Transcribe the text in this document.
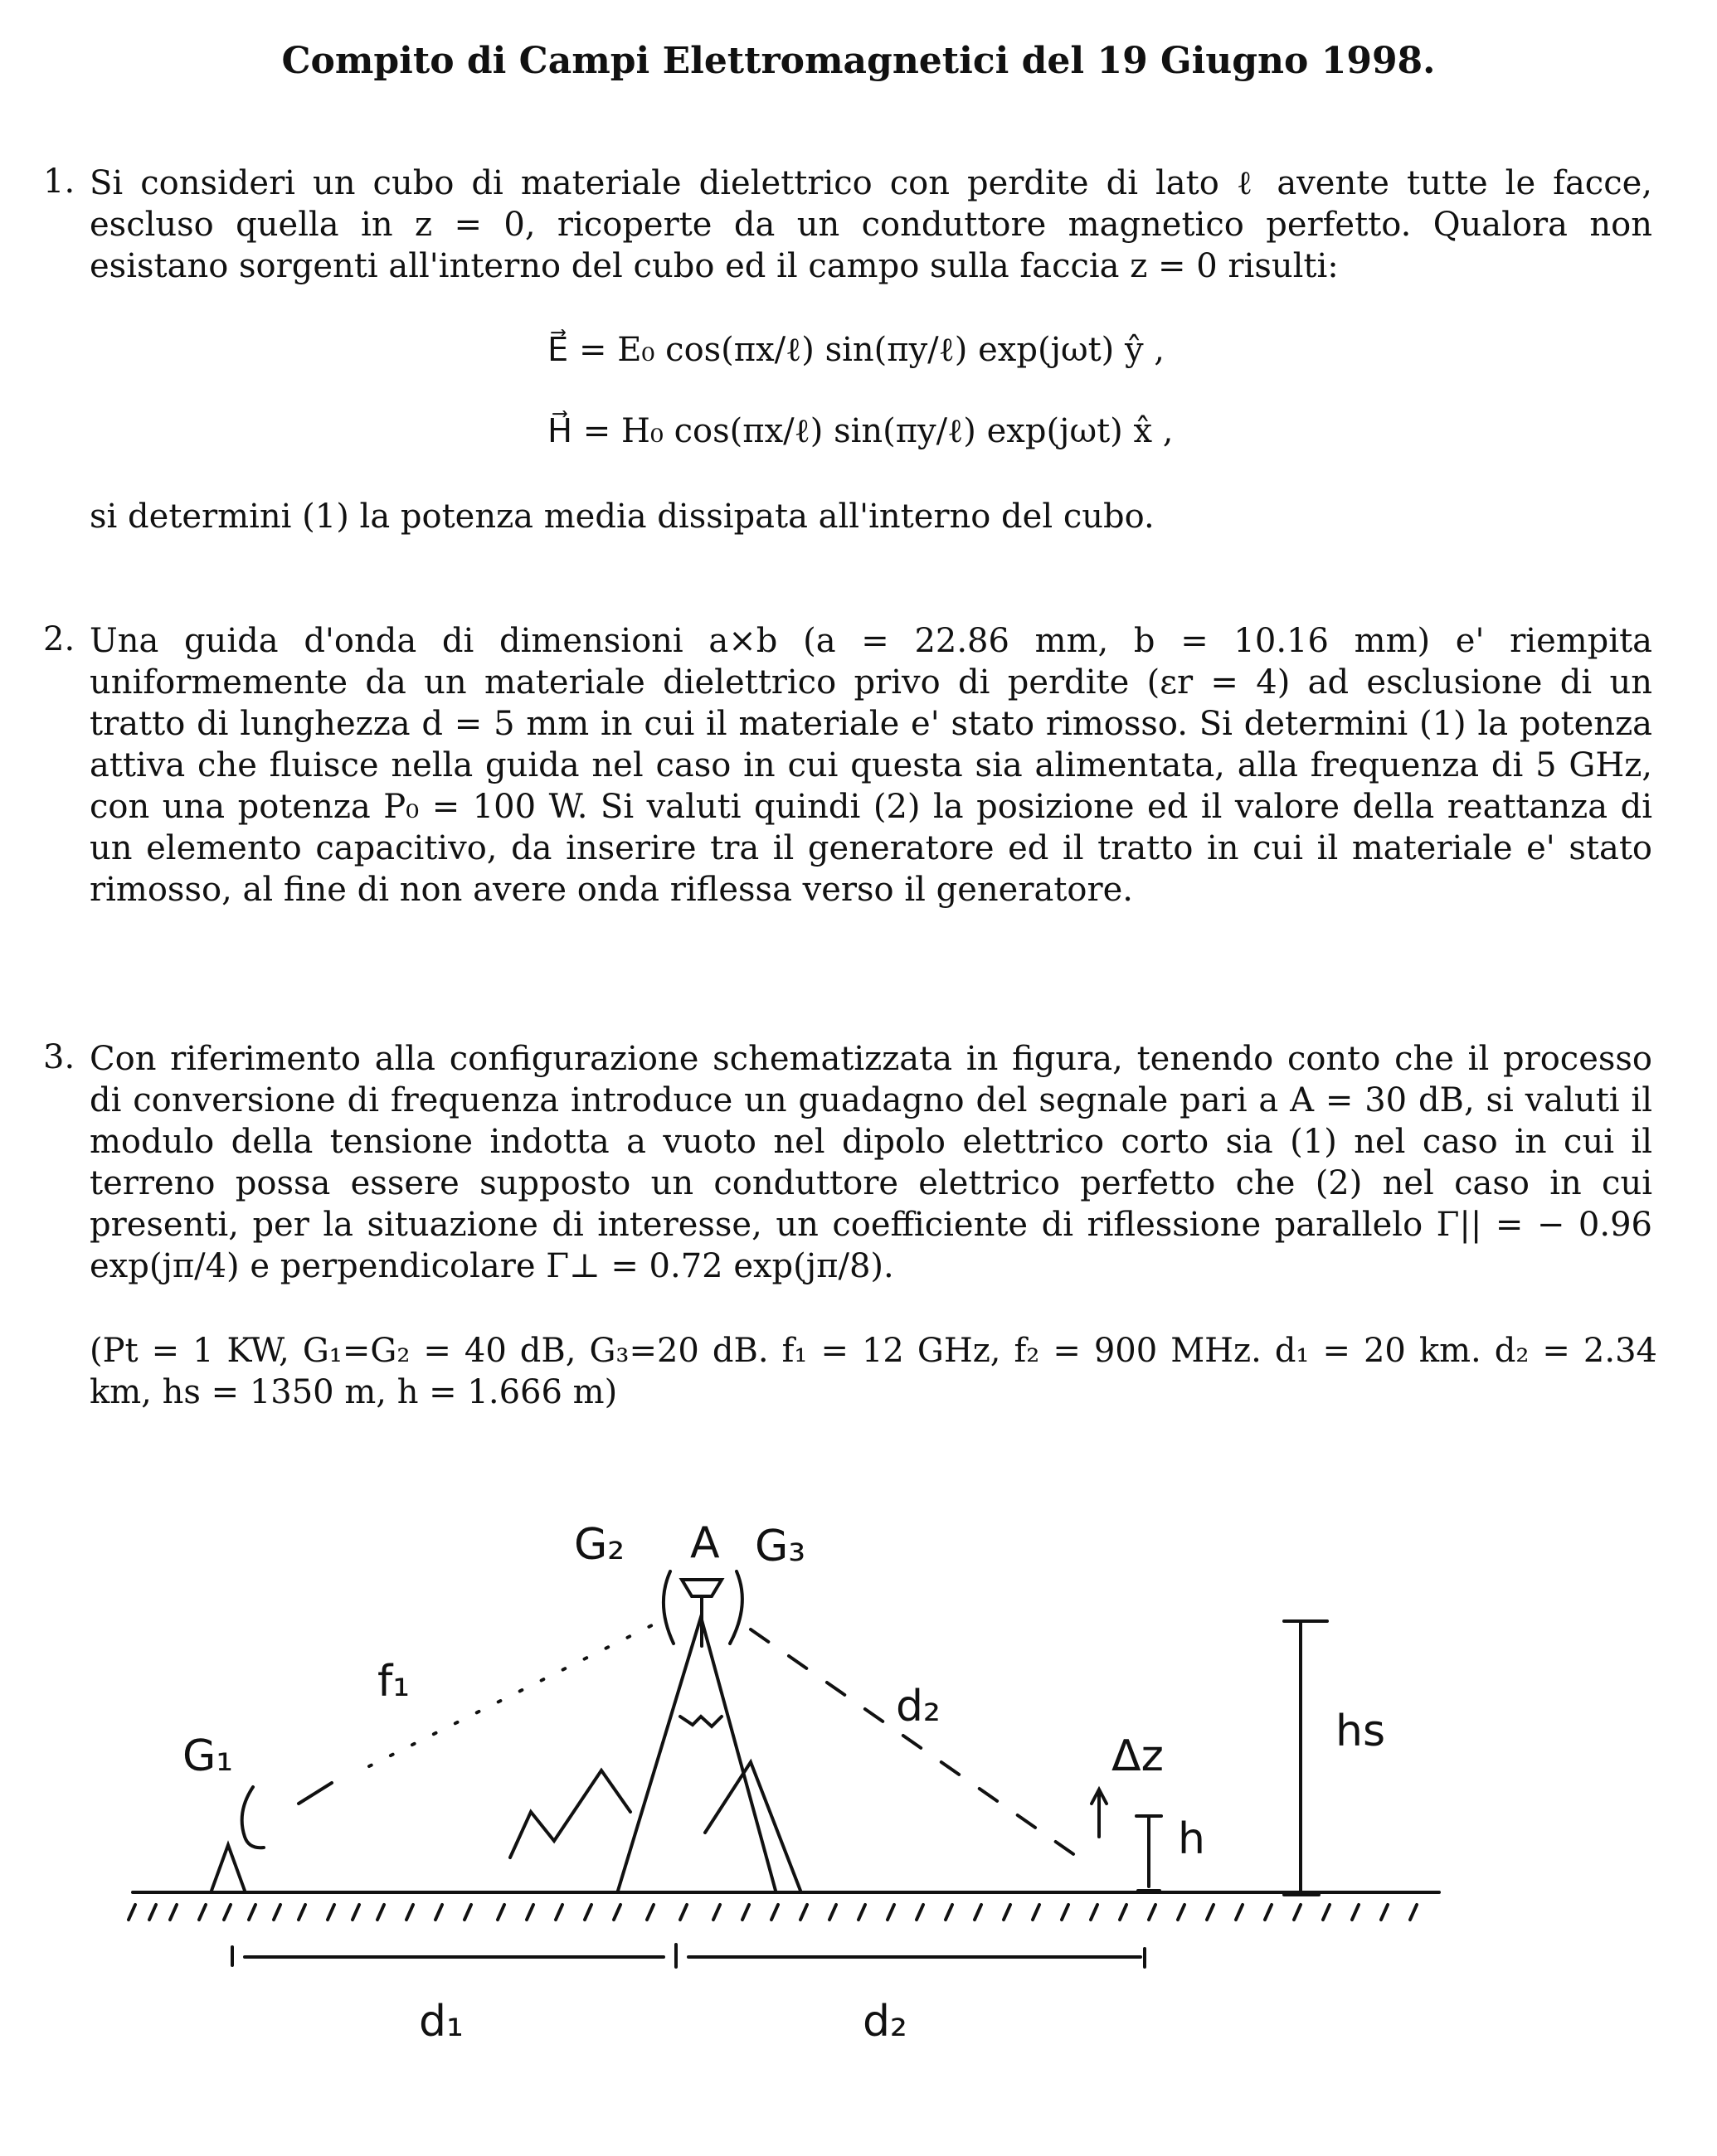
Compito di Campi Elettromagnetici del 19 Giugno 1998.
1. Si consideri un cubo di materiale dielettrico con perdite di lato ℓ avente tutte le facce, escluso quella in z = 0, ricoperte da un conduttore magnetico perfetto. Qualora non esistano sorgenti all'interno del cubo ed il campo sulla faccia z = 0 risulti:
E⃗ = E₀ cos(πx/ℓ) sin(πy/ℓ) exp(jωt) ŷ ,
H⃗ = H₀ cos(πx/ℓ) sin(πy/ℓ) exp(jωt) x̂ ,
si determini (1) la potenza media dissipata all'interno del cubo.
2. Una guida d'onda di dimensioni a×b (a = 22.86 mm, b = 10.16 mm) e' riempita uniformemente da un materiale dielettrico privo di perdite (εr = 4) ad esclusione di un tratto di lunghezza d = 5 mm in cui il materiale e' stato rimosso. Si determini (1) la potenza attiva che fluisce nella guida nel caso in cui questa sia alimentata, alla frequenza di 5 GHz, con una potenza P₀ = 100 W. Si valuti quindi (2) la posizione ed il valore della reattanza di un elemento capacitivo, da inserire tra il generatore ed il tratto in cui il materiale e' stato rimosso, al fine di non avere onda riflessa verso il generatore.
3. Con riferimento alla configurazione schematizzata in figura, tenendo conto che il processo di conversione di frequenza introduce un guadagno del segnale pari a A = 30 dB, si valuti il modulo della tensione indotta a vuoto nel dipolo elettrico corto sia (1) nel caso in cui il terreno possa essere supposto un conduttore elettrico perfetto che (2) nel caso in cui presenti, per la situazione di interesse, un coefficiente di riflessione parallelo Γ|| = − 0.96 exp(jπ/4) e perpendicolare Γ⊥ = 0.72 exp(jπ/8).
(Pt = 1 KW, G₁=G₂ = 40 dB, G₃=20 dB. f₁ = 12 GHz, f₂ = 900 MHz. d₁ = 20 km. d₂ = 2.34 km, hs = 1350 m, h = 1.666 m)
G₁
G₂ A G₃
f₁	d₂
Δz
h
hs
d₁	d₂
